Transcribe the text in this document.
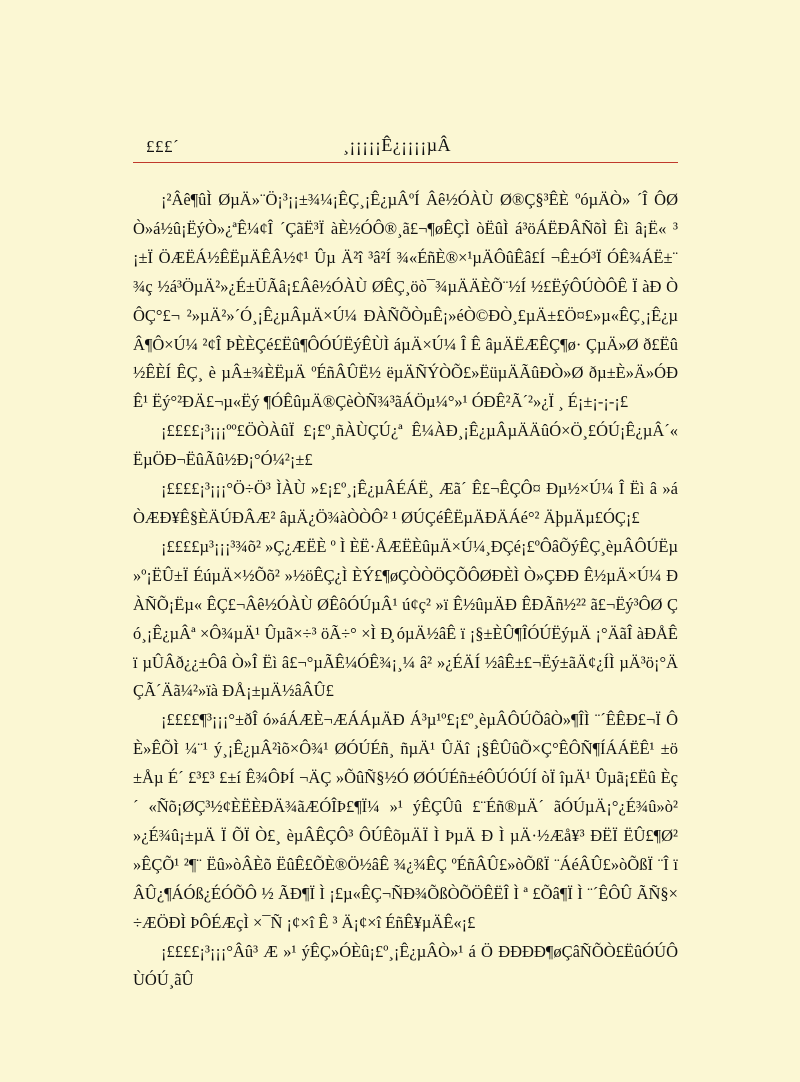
£££´	¸¡¡¡¡¡Ê¿¡¡¡¡µÂ

¡²Âê¶ûÌ ØµÄ»¨Ö¡³¡¡±¾¼¡ÊÇ¸¡Ê¿µÂºÍ Âê½ÓÀÙ Ø®Ç§³ÊÈ ºóµÄÒ» ´Î ÔØÒ»á½û¡ËýÒ»¿ªÊ¼¢Î ´ÇãË³Ï àÈ½ÓÔ®¸ã£¬¶øÊÇÌ òËûÌ á³öÁËÐÂÑõÌ Êì â¡Ë« ³¡±Ï ÖÆËÁ½ÊËµÄÊÂ½¢¹ Ûµ Ä²î ³â²Í ¾«ÉñÈ®×¹µÄÔûÊâ£Í ¬Ê±Ó³Ï ÓÊ¾ÁË±¨¾ç ½á³ÖµÄ²»¿É±ÜÃâ¡£Âê½ÓÀÙ ØÊÇ¸öò¯¾µÄÄÈÕ¨½Í ½£ËýÔÚÒÔÊ Ï àÐ ÒÔÇ°£¬ ²»µÄ²»´Ó¸¡Ê¿µÂµÄ×Ú¼ ÐÀÑÕÒµÊ¡»éÒ©ÐÒ¸£µÄ±£Ö¤£»µ«ÊÇ¸¡Ê¿µÂ¶Ô×Ú¼ ²¢Î ÞÈÈÇé£Ëû¶ÔÓÚËýÊÙÌ áµÄ×Ú¼ Î Ê âµÄËÆÊÇ¶ø· ÇµÄ»Ø ð£Ëû½ÊÈÍ ÊÇ¸ è µÂ±¾ÈËµÄ ºÉñÂÛË½ ëµÄÑÝÒÕ£»ËüµÄÃûÐÒ»Ø ðµ±È»Ä»ÓÐÊ¹ Ëý°²ÐÄ£¬µ«Ëý ¶ÓÊûµÄ®ÇèÒÑ¾³ãÁÖµ¼°»¹ ÓÐÊ²Ã´²»¿Ï ¸ É¡±¡-¡-¡£

¡££££¡³¡¡¡ºº£ÖÒÀûÏ £¡£º¸ñÀÙÇÚ¿ª Ê¼ÀÐ¸¡Ê¿µÂµÄÄûÓ×Ö¸£ÓÚ¡Ê¿µÂ´« ËµÖÐ¬ËûÃû½Ð¡°Ó¼²¡±£

¡££££¡³¡¡¡°Ö÷Ö³ ÌÀÙ »£¡£º¸¡Ê¿µÂÉÁË¸ Æã´ Ê£¬ÊÇÔ¤ Ðµ½×Ú¼ Î Ëì â »áÒÆÐ¥Ê§ÈÄÚÐÂÆ² âµÄ¿Ö¾àÒÒÔ² ¹ ØÚÇéÊËµÄÐÄÁé°² ÄþµÄµ£ÓÇ¡£

¡££££µ³¡¡¡³¾õ² »Ç¿ÆËÈ º Ì ÈË·ÅÆËÈûµÄ×Ú¼¸ÐÇé¡£ºÔâÕýÊÇ¸èµÂÔÚËµ »º¡ËÛ±Ï ÉúµÄ×½Õõ² »½öÊÇ¿Ì ÈÝ£¶øÇÒÒÖÇÕÔØÐÈÌ Ò»ÇÐÐ Ê½µÄ×Ú¼ ÐÀÑÕ¡Ëµ« ÊÇ£¬Âê½ÓÀÙ ØÊôÓÚµÂ¹ ú¢ç² »ï Ê½ûµÄÐ ÊÐÃñ½²² ã£¬Ëý³ÔØ Çó¸¡Ê¿µÂª ×Ô¾µÄ¹ Ûµã×÷³ öÃ÷° ×Ì Ð̧ óµÄ½âÊ ï ¡§±ÈÛ¶ÎÓÚËýµÄ ¡°ÄãÎ àÐÅÊ ï µÛÂð¿¿±Ôâ Ò»Î Ëì â£¬°µÃÊ¼ÓÊ¾¡¸¼ â² »¿ÉÄÍ ½âÊ±£¬Ëý±ãÄ¢¿ÍÌ µÄ³ö¡°ÄÇÃ´Äã¼²»ïà ÐÅ¡±µÄ½âÂÛ£

¡££££¶³¡¡¡°±ðÎ ó»áÁÆÈ¬ÆÁÁµÄÐ Á³µ¹º£¡£º¸èµÂÔÚÕâÒ»¶ÎÌ ¨´ÊÊÐ£¬Ï Ô È»ÊÕÌ ¼¨¹ ý¸¡Ê¿µÂ²ìõ×Ô¾¹ ØÓÚÉñ¸ ñµÄ¹ ÛÄî ¡§ÊÛûÕ×Ç°ÊÔÑ¶ÍÁÁËÊ¹ ±ö±Åµ É´ £³£³ £±í Ê¾ÔÞÍ ¬ÄÇ »ÕûÑ§½Ó ØÓÚÉñ±éÔÚÓÚÍ òÏ îµÄ¹ Ûµã¡£Ëû Èç´ «Ñõ¡ØÇ³½¢ÈËÈÐÄ¾ãÆÓÎÞ£¶Ï¼ »¹ ýÊÇÛû £¨Éñ®µÄ´ ãÓÚµÄ¡°¿É¾û»ò² »¿É¾û¡±µÄ Ï ÕÏ Ò£¸ èµÂÊÇÔ³ ÔÚÊõµÄÏ Ì ÞµÄ Ð Ì µÄ·½Æå¥³ ÐËÏ ËÛ£¶Ø² »ÊÇÕ¹ ²¶¨ Ëû»òÂÈõ ËûÊ£ÕÈ®Ö½âÊ ¾¿¾ÊÇ ºÉñÂÛ£»òÕßÏ ¨ÁéÂÛ£»òÕßÏ ¨Î ï ÂÛ¿¶ÁÓß¿ÉÓÕÔ ½ ÃÐ¶Ï Ì ¡£µ«ÊÇ¬ÑÐ¾ÕßÒÕÖÊËÎ Ì ª £Õâ¶Ï Ì ¨´ÊÔÛ ÃÑ§×÷ÆÖÐÌ ÞÔÉÆçÌ ×¯Ñ ¡¢×î Ê ³ Ä¡¢×î ÉñÊ¥µÄÊ«¡£

¡££££¡³¡¡¡°Âû³ Æ »¹ ýÊÇ»ÓÈû¡£º¸¡Ê¿µÂÒ»¹ á Ö ÐÐÐÐ¶øÇâÑÕÒ£ËûÓÚÔÙÓÚ¸ãÛ
